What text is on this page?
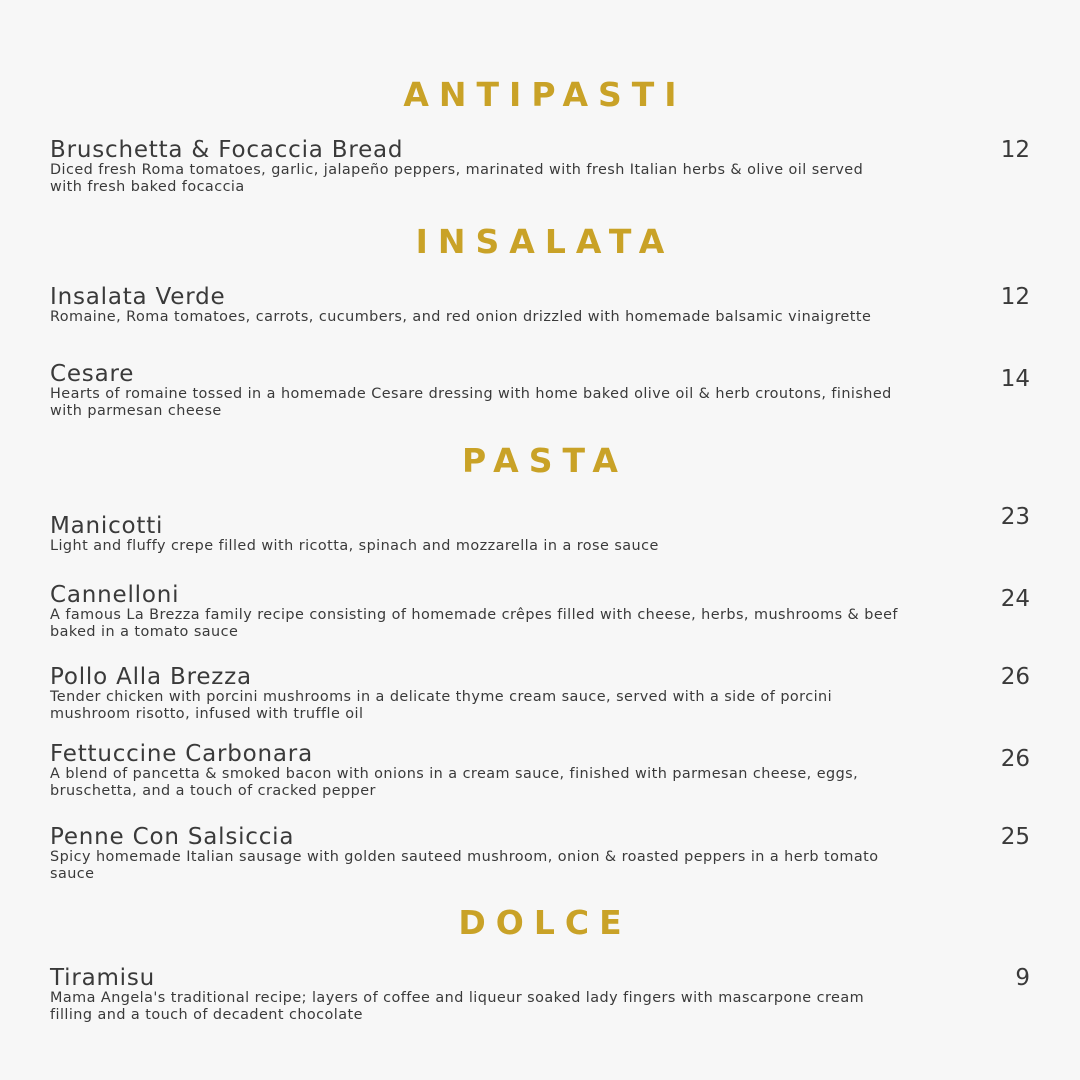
ANTIPASTI
Bruschetta & Focaccia Bread
Diced fresh Roma tomatoes, garlic, jalapeño peppers, marinated with fresh Italian herbs & olive oil served with fresh baked focaccia
12
INSALATA
Insalata Verde
Romaine, Roma tomatoes, carrots, cucumbers, and red onion drizzled with homemade balsamic vinaigrette
12
Cesare
Hearts of romaine tossed in a homemade Cesare dressing with home baked olive oil & herb croutons, finished with parmesan cheese
14
PASTA
Manicotti
Light and fluffy crepe filled with ricotta, spinach and mozzarella in a rose sauce
23
Cannelloni
A famous La Brezza family recipe consisting of homemade crêpes filled with cheese, herbs, mushrooms & beef baked in a tomato sauce
24
Pollo Alla Brezza
Tender chicken with porcini mushrooms in a delicate thyme cream sauce, served with a side of porcini mushroom risotto, infused with truffle oil
26
Fettuccine Carbonara
A blend of pancetta & smoked bacon with onions in a cream sauce, finished with parmesan cheese, eggs, bruschetta, and a touch of cracked pepper
26
Penne Con Salsiccia
Spicy homemade Italian sausage with golden sauteed mushroom, onion & roasted peppers in a herb tomato sauce
25
DOLCE
Tiramisu
Mama Angela's traditional recipe; layers of coffee and liqueur soaked lady fingers with mascarpone cream filling and a touch of decadent chocolate
9
